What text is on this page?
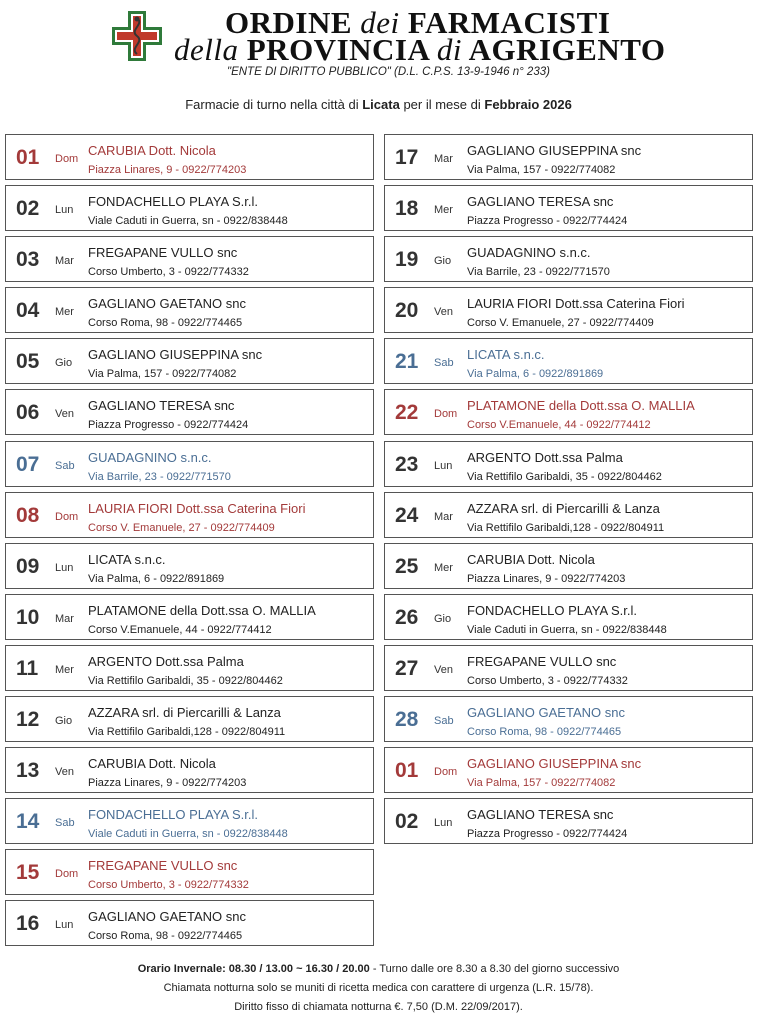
ORDINE dei FARMACISTI
della PROVINCIA di AGRIGENTO
"ENTE DI DIRITTO PUBBLICO" (D.L. C.P.S. 13-9-1946 n° 233)
Farmacie di turno nella città di Licata per il mese di Febbraio 2026
01 Dom
CARUBIA Dott. Nicola
Piazza Linares, 9 - 0922/774203
02 Lun
FONDACHELLO PLAYA S.r.l.
Viale Caduti in Guerra, sn - 0922/838448
03 Mar
FREGAPANE VULLO snc
Corso Umberto, 3 - 0922/774332
04 Mer
GAGLIANO GAETANO snc
Corso Roma, 98 - 0922/774465
05 Gio
GAGLIANO GIUSEPPINA snc
Via Palma, 157 - 0922/774082
06 Ven
GAGLIANO TERESA snc
Piazza Progresso - 0922/774424
07 Sab
GUADAGNINO s.n.c.
Via Barrile, 23 - 0922/771570
08 Dom
LAURIA FIORI Dott.ssa Caterina Fiori
Corso V. Emanuele, 27 - 0922/774409
09 Lun
LICATA s.n.c.
Via Palma, 6 - 0922/891869
10 Mar
PLATAMONE della Dott.ssa O. MALLIA
Corso V.Emanuele, 44 - 0922/774412
11 Mer
ARGENTO Dott.ssa Palma
Via Rettifilo Garibaldi, 35 - 0922/804462
12 Gio
AZZARA srl. di Piercarilli & Lanza
Via Rettifilo Garibaldi,128 - 0922/804911
13 Ven
CARUBIA Dott. Nicola
Piazza Linares, 9 - 0922/774203
14 Sab
FONDACHELLO PLAYA S.r.l.
Viale Caduti in Guerra, sn - 0922/838448
15 Dom
FREGAPANE VULLO snc
Corso Umberto, 3 - 0922/774332
16 Lun
GAGLIANO GAETANO snc
Corso Roma, 98 - 0922/774465
17 Mar
GAGLIANO GIUSEPPINA snc
Via Palma, 157 - 0922/774082
18 Mer
GAGLIANO TERESA snc
Piazza Progresso - 0922/774424
19 Gio
GUADAGNINO s.n.c.
Via Barrile, 23 - 0922/771570
20 Ven
LAURIA FIORI Dott.ssa Caterina Fiori
Corso V. Emanuele, 27 - 0922/774409
21 Sab
LICATA s.n.c.
Via Palma, 6 - 0922/891869
22 Dom
PLATAMONE della Dott.ssa O. MALLIA
Corso V.Emanuele, 44 - 0922/774412
23 Lun
ARGENTO Dott.ssa Palma
Via Rettifilo Garibaldi, 35 - 0922/804462
24 Mar
AZZARA srl. di Piercarilli & Lanza
Via Rettifilo Garibaldi,128 - 0922/804911
25 Mer
CARUBIA Dott. Nicola
Piazza Linares, 9 - 0922/774203
26 Gio
FONDACHELLO PLAYA S.r.l.
Viale Caduti in Guerra, sn - 0922/838448
27 Ven
FREGAPANE VULLO snc
Corso Umberto, 3 - 0922/774332
28 Sab
GAGLIANO GAETANO snc
Corso Roma, 98 - 0922/774465
01 Dom
GAGLIANO GIUSEPPINA snc
Via Palma, 157 - 0922/774082
02 Lun
GAGLIANO TERESA snc
Piazza Progresso - 0922/774424
Orario Invernale: 08.30 / 13.00 ~ 16.30 / 20.00 - Turno dalle ore 8.30 a 8.30 del giorno successivo
Chiamata notturna solo se muniti di ricetta medica con carattere di urgenza (L.R. 15/78).
Diritto fisso di chiamata notturna €. 7,50 (D.M. 22/09/2017).
